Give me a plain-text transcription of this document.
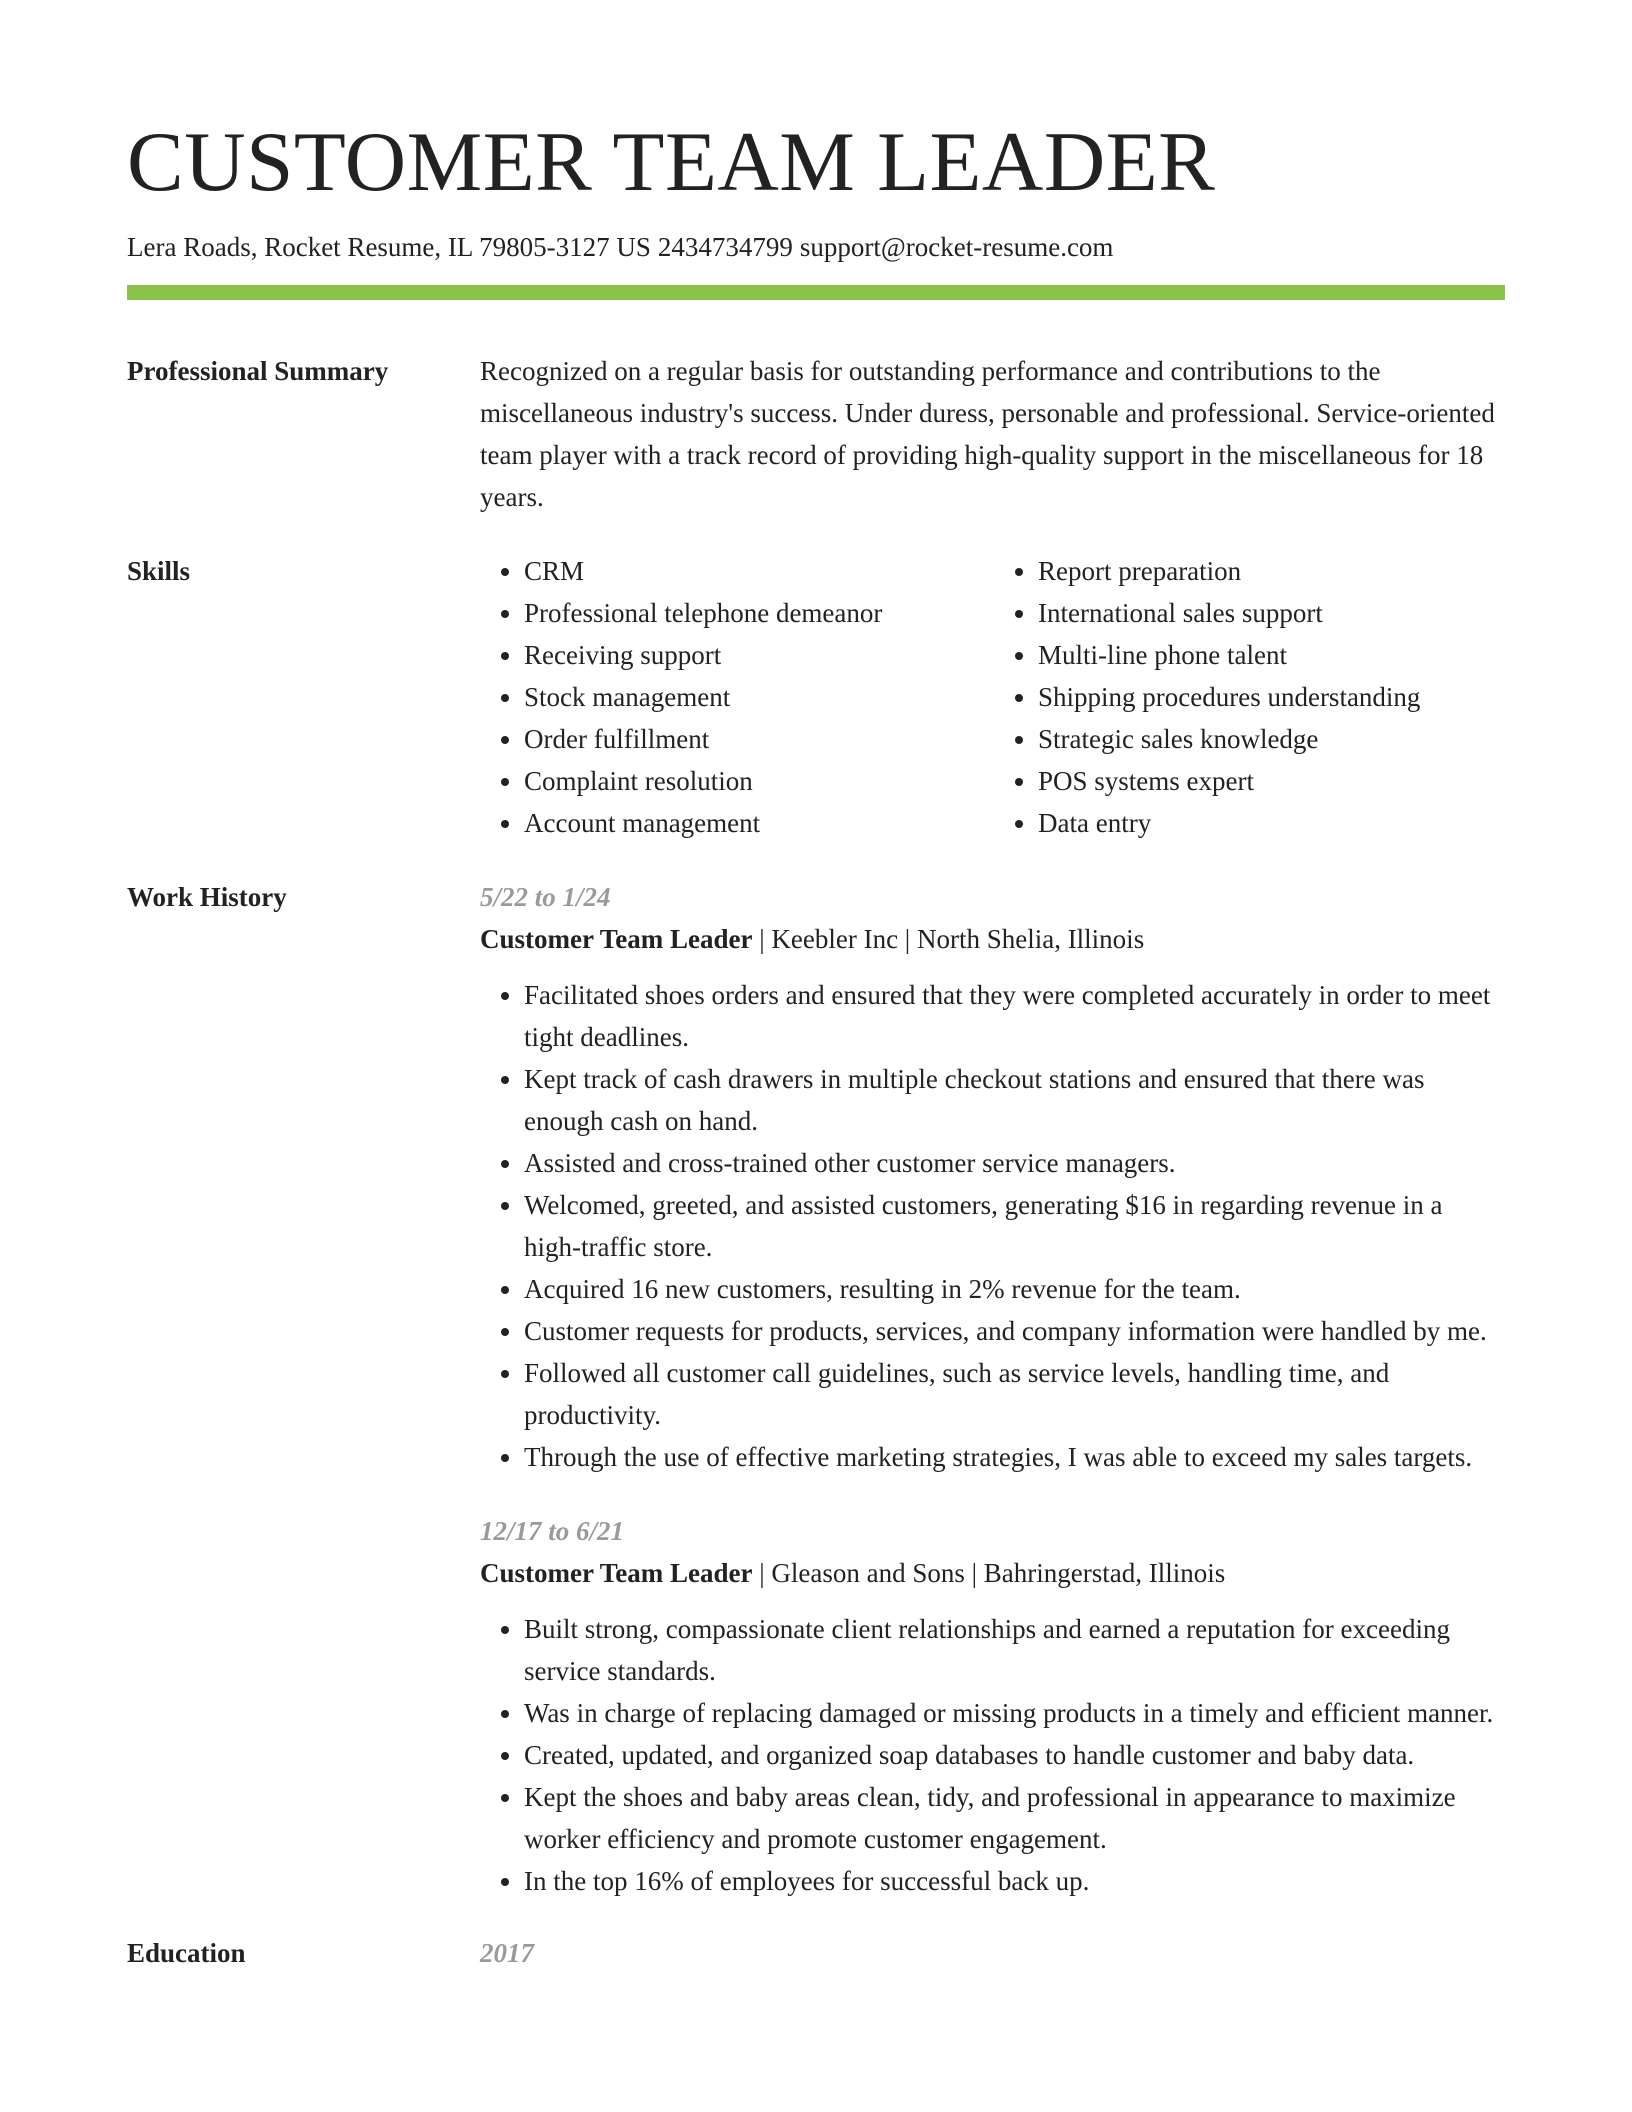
CUSTOMER TEAM LEADER
Lera Roads, Rocket Resume, IL 79805-3127 US 2434734799 support@rocket-resume.com
Professional Summary	Recognized on a regular basis for outstanding performance and contributions to the miscellaneous industry's success. Under duress, personable and professional. Service-oriented team player with a track record of providing high-quality support in the miscellaneous for 18 years.
Skills
•	CRM
• Professional telephone demeanor
• Receiving support
• Stock management
• Order fulfillment
• Complaint resolution
• Account management
• Report preparation
• International sales support
• Multi-line phone talent
• Shipping procedures understanding
• Strategic sales knowledge
• POS systems expert
• Data entry
Work History	5/22 to 1/24
Customer Team Leader | Keebler Inc | North Shelia, Illinois
• Facilitated shoes orders and ensured that they were completed accurately in order to meet tight deadlines.
• Kept track of cash drawers in multiple checkout stations and ensured that there was enough cash on hand.
• Assisted and cross-trained other customer service managers.
• Welcomed, greeted, and assisted customers, generating $16 in regarding revenue in a high-traffic store.
• Acquired 16 new customers, resulting in 2% revenue for the team.
• Customer requests for products, services, and company information were handled by me.
• Followed all customer call guidelines, such as service levels, handling time, and productivity.
• Through the use of effective marketing strategies, I was able to exceed my sales targets.
12/17 to 6/21
Customer Team Leader | Gleason and Sons | Bahringerstad, Illinois
• Built strong, compassionate client relationships and earned a reputation for exceeding service standards.
• Was in charge of replacing damaged or missing products in a timely and efficient manner.
• Created, updated, and organized soap databases to handle customer and baby data.
• Kept the shoes and baby areas clean, tidy, and professional in appearance to maximize worker efficiency and promote customer engagement.
• In the top 16% of employees for successful back up.
Education	2017
